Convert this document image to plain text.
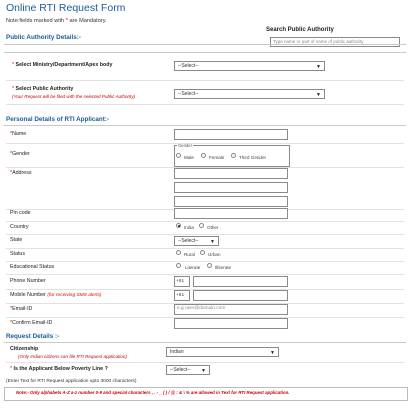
Online RTI Request Form
Note:fields marked with * are Mandatory.
Search Public Authority
Type name or part of name of public authority
Public Authority Details:-
* Select Ministry/Department/Apex body	--Select--	▼
* Select Public Authority
(Your Request will be filed with the selected Public Authority)	--Select--	▼
Personal Details of RTI Applicant:-
*Name
*Gender
Gender
Male	Female	Third Gender
*Address
Pin code
Country	India	Other
State	--Select-- ▼
Status	Rural	Urban
Educational Status	Literate	Illiterate
Phone Number	+91
Mobile Number (for receiving SMS alerts)	+91
*Email-ID	e.g user@domain.com
*Confirm Email-ID
Request Details :-
Citizenship
(Only Indian citizens can file RTI Request application)
Indian	▼
* Is the Applicant Below Poverty Line ?	--Select-- ▼
(Enter Text for RTI Request application upto 3000 characters)
Note:- Only alphabets A-Z a-z number 0-9 and special characters , . - _ ( ) / @ : & \ % are allowed in Text for RTI Request application.
